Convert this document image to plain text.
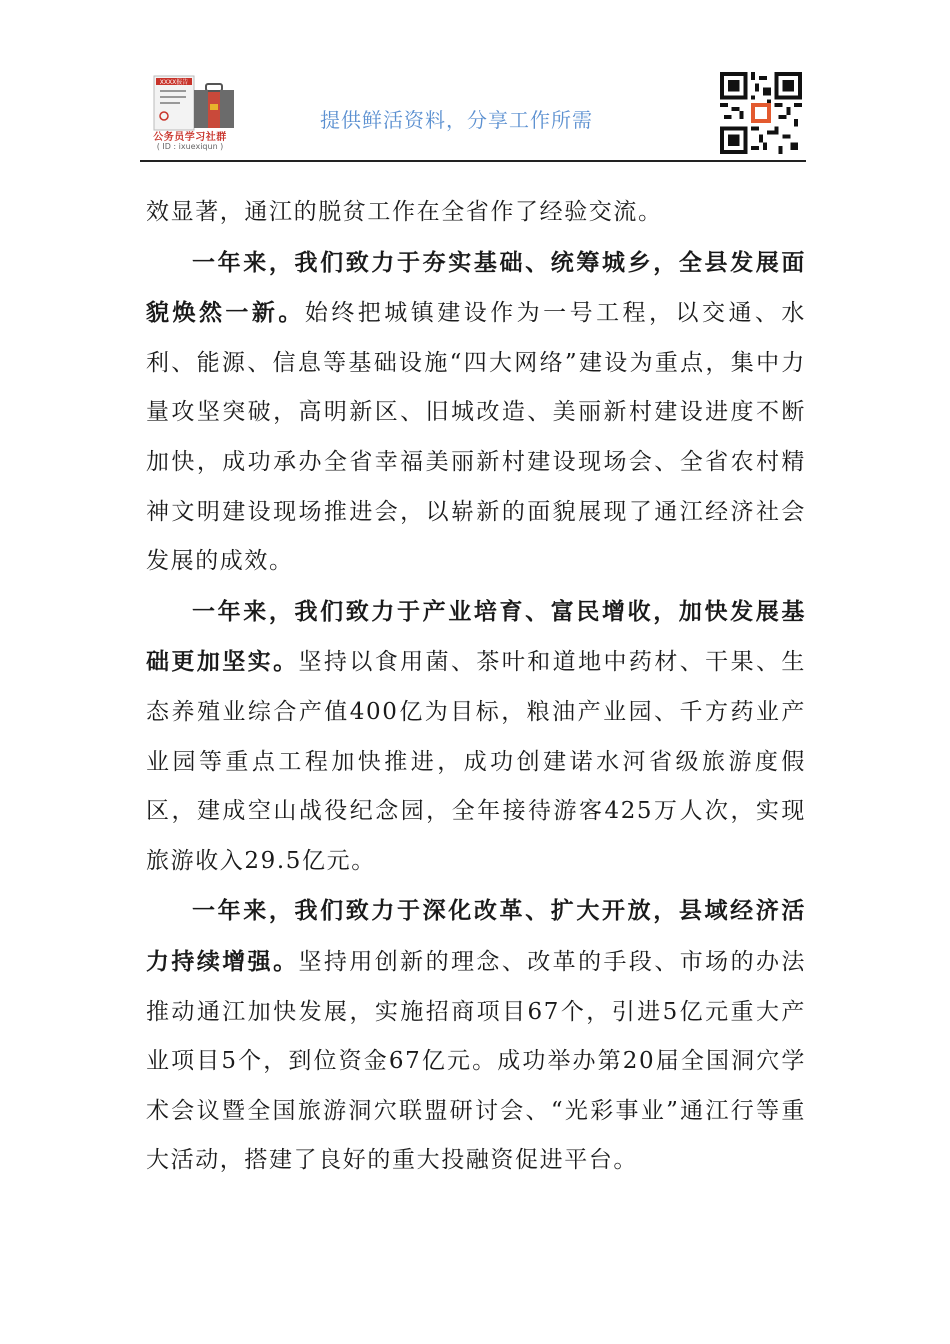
XXXX报告
公务员学习社群
( ID : ixuexiqun )
提供鲜活资料，分享工作所需

效显著，通江的脱贫工作在全省作了经验交流。

一年来，我们致力于夯实基础、统筹城乡，全县发展面貌焕然一新。始终把城镇建设作为一号工程，以交通、水利、能源、信息等基础设施“四大网络”建设为重点，集中力量攻坚突破，高明新区、旧城改造、美丽新村建设进度不断加快，成功承办全省幸福美丽新村建设现场会、全省农村精神文明建设现场推进会，以崭新的面貌展现了通江经济社会发展的成效。

一年来，我们致力于产业培育、富民增收，加快发展基础更加坚实。坚持以食用菌、茶叶和道地中药材、干果、生态养殖业综合产值400亿为目标，粮油产业园、千方药业产业园等重点工程加快推进，成功创建诺水河省级旅游度假区，建成空山战役纪念园，全年接待游客425万人次，实现旅游收入29.5亿元。

一年来，我们致力于深化改革、扩大开放，县域经济活力持续增强。坚持用创新的理念、改革的手段、市场的办法推动通江加快发展，实施招商项目67个，引进5亿元重大产业项目5个，到位资金67亿元。成功举办第20届全国洞穴学术会议暨全国旅游洞穴联盟研讨会、“光彩事业”通江行等重大活动，搭建了良好的重大投融资促进平台。
